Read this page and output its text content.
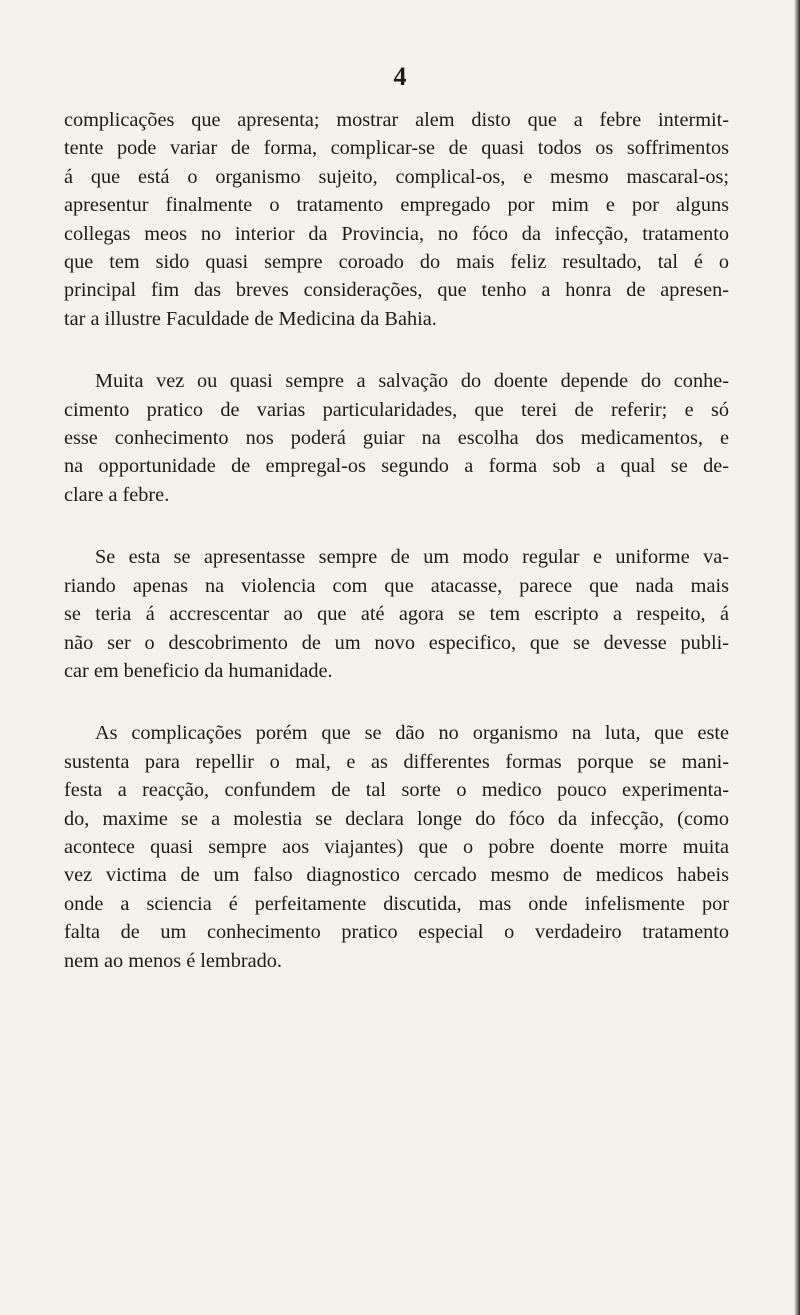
4

complicações que apresenta; mostrar alem disto que a febre intermit-
tente pode variar de forma, complicar-se de quasi todos os soffrimentos
á que está o organismo sujeito, complical-os, e mesmo mascaral-os;
apresentur finalmente o tratamento empregado por mim e por alguns
collegas meos no interior da Provincia, no fóco da infecção, tratamento
que tem sido quasi sempre coroado do mais feliz resultado, tal é o
principal fim das breves considerações, que tenho a honra de apresen-
tar a illustre Faculdade de Medicina da Bahia.

Muita vez ou quasi sempre a salvação do doente depende do conhe-
cimento pratico de varias particularidades, que terei de referir; e só
esse conhecimento nos poderá guiar na escolha dos medicamentos, e
na opportunidade de empregal-os segundo a forma sob a qual se de-
clare a febre.

Se esta se apresentasse sempre de um modo regular e uniforme va-
riando apenas na violencia com que atacasse, parece que nada mais
se teria á accrescentar ao que até agora se tem escripto a respeito, á
não ser o descobrimento de um novo especifico, que se devesse publi-
car em beneficio da humanidade.

As complicações porém que se dão no organismo na luta, que este
sustenta para repellir o mal, e as differentes formas porque se mani-
festa a reacção, confundem de tal sorte o medico pouco experimenta-
do, maxime se a molestia se declara longe do fóco da infecção, (como
acontece quasi sempre aos viajantes) que o pobre doente morre muita
vez victima de um falso diagnostico cercado mesmo de medicos habeis
onde a sciencia é perfeitamente discutida, mas onde infelismente por
falta de um conhecimento pratico especial o verdadeiro tratamento
nem ao menos é lembrado.
